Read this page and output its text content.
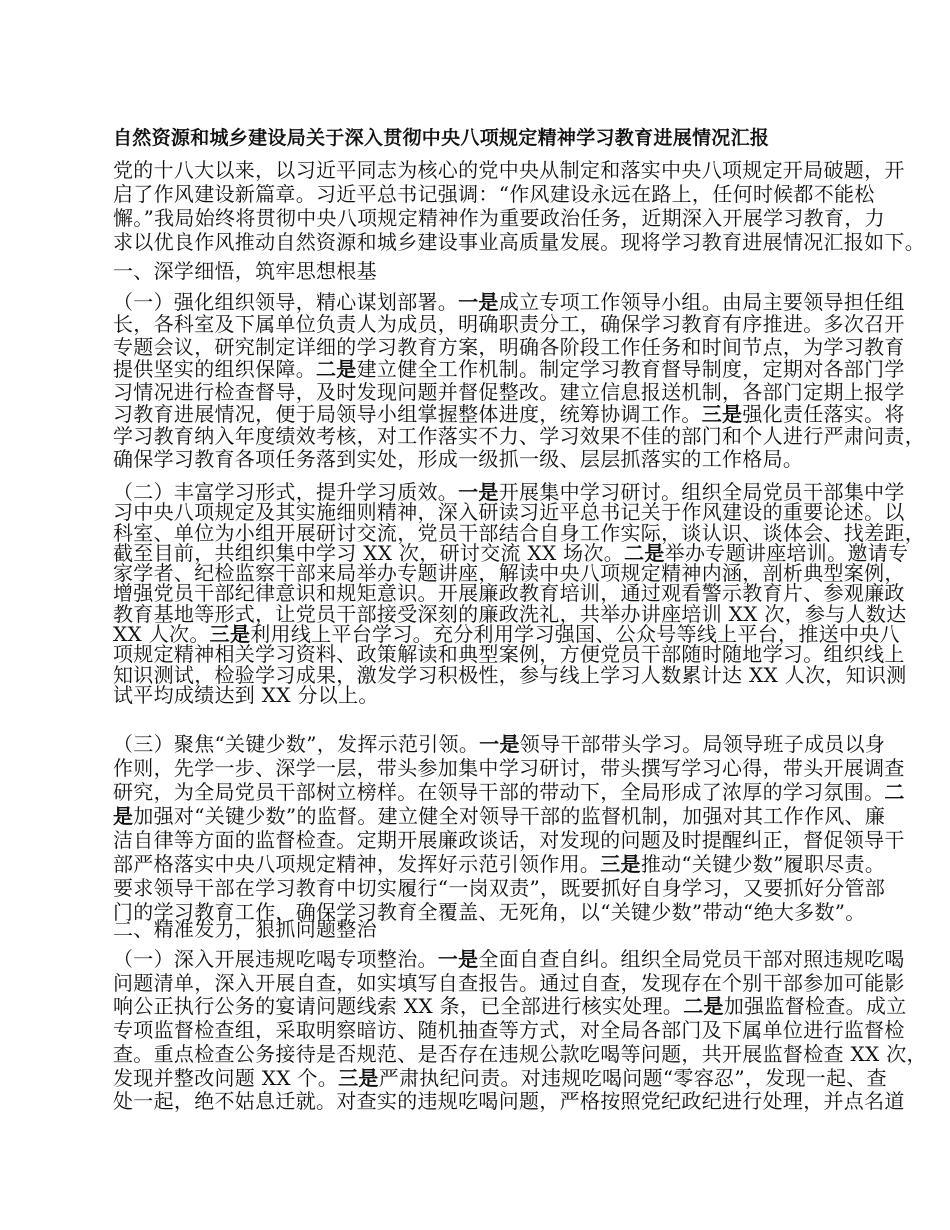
自然资源和城乡建设局关于深入贯彻中央八项规定精神学习教育进展情况汇报
党的十八大以来，以习近平同志为核心的党中央从制定和落实中央八项规定开局破题，开
启了作风建设新篇章。习近平总书记强调：“作风建设永远在路上，任何时候都不能松
懈。”我局始终将贯彻中央八项规定精神作为重要政治任务，近期深入开展学习教育，力
求以优良作风推动自然资源和城乡建设事业高质量发展。现将学习教育进展情况汇报如下。
一、深学细悟，筑牢思想根基
（一）强化组织领导，精心谋划部署。一是成立专项工作领导小组。由局主要领导担任组
长，各科室及下属单位负责人为成员，明确职责分工，确保学习教育有序推进。多次召开
专题会议，研究制定详细的学习教育方案，明确各阶段工作任务和时间节点，为学习教育
提供坚实的组织保障。二是建立健全工作机制。制定学习教育督导制度，定期对各部门学
习情况进行检查督导，及时发现问题并督促整改。建立信息报送机制，各部门定期上报学
习教育进展情况，便于局领导小组掌握整体进度，统筹协调工作。三是强化责任落实。将
学习教育纳入年度绩效考核，对工作落实不力、学习效果不佳的部门和个人进行严肃问责，
确保学习教育各项任务落到实处，形成一级抓一级、层层抓落实的工作格局。
（二）丰富学习形式，提升学习质效。一是开展集中学习研讨。组织全局党员干部集中学
习中央八项规定及其实施细则精神，深入研读习近平总书记关于作风建设的重要论述。以
科室、单位为小组开展研讨交流，党员干部结合自身工作实际，谈认识、谈体会、找差距，
截至目前，共组织集中学习 XX 次，研讨交流 XX 场次。二是举办专题讲座培训。邀请专
家学者、纪检监察干部来局举办专题讲座，解读中央八项规定精神内涵，剖析典型案例，
增强党员干部纪律意识和规矩意识。开展廉政教育培训，通过观看警示教育片、参观廉政
教育基地等形式，让党员干部接受深刻的廉政洗礼，共举办讲座培训 XX 次，参与人数达
XX 人次。三是利用线上平台学习。充分利用学习强国、公众号等线上平台，推送中央八
项规定精神相关学习资料、政策解读和典型案例，方便党员干部随时随地学习。组织线上
知识测试，检验学习成果，激发学习积极性，参与线上学习人数累计达 XX 人次，知识测
试平均成绩达到 XX 分以上。
（三）聚焦“关键少数”，发挥示范引领。一是领导干部带头学习。局领导班子成员以身
作则，先学一步、深学一层，带头参加集中学习研讨，带头撰写学习心得，带头开展调查
研究，为全局党员干部树立榜样。在领导干部的带动下，全局形成了浓厚的学习氛围。二
是加强对“关键少数”的监督。建立健全对领导干部的监督机制，加强对其工作作风、廉
洁自律等方面的监督检查。定期开展廉政谈话，对发现的问题及时提醒纠正，督促领导干
部严格落实中央八项规定精神，发挥好示范引领作用。三是推动“关键少数”履职尽责。
要求领导干部在学习教育中切实履行“一岗双责”，既要抓好自身学习，又要抓好分管部
门的学习教育工作，确保学习教育全覆盖、无死角，以“关键少数”带动“绝大多数”。
二、精准发力，狠抓问题整治
（一）深入开展违规吃喝专项整治。一是全面自查自纠。组织全局党员干部对照违规吃喝
问题清单，深入开展自查，如实填写自查报告。通过自查，发现存在个别干部参加可能影
响公正执行公务的宴请问题线索 XX 条，已全部进行核实处理。二是加强监督检查。成立
专项监督检查组，采取明察暗访、随机抽查等方式，对全局各部门及下属单位进行监督检
查。重点检查公务接待是否规范、是否存在违规公款吃喝等问题，共开展监督检查 XX 次，
发现并整改问题 XX 个。三是严肃执纪问责。对违规吃喝问题“零容忍”，发现一起、查
处一起，绝不姑息迁就。对查实的违规吃喝问题，严格按照党纪政纪进行处理，并点名道
